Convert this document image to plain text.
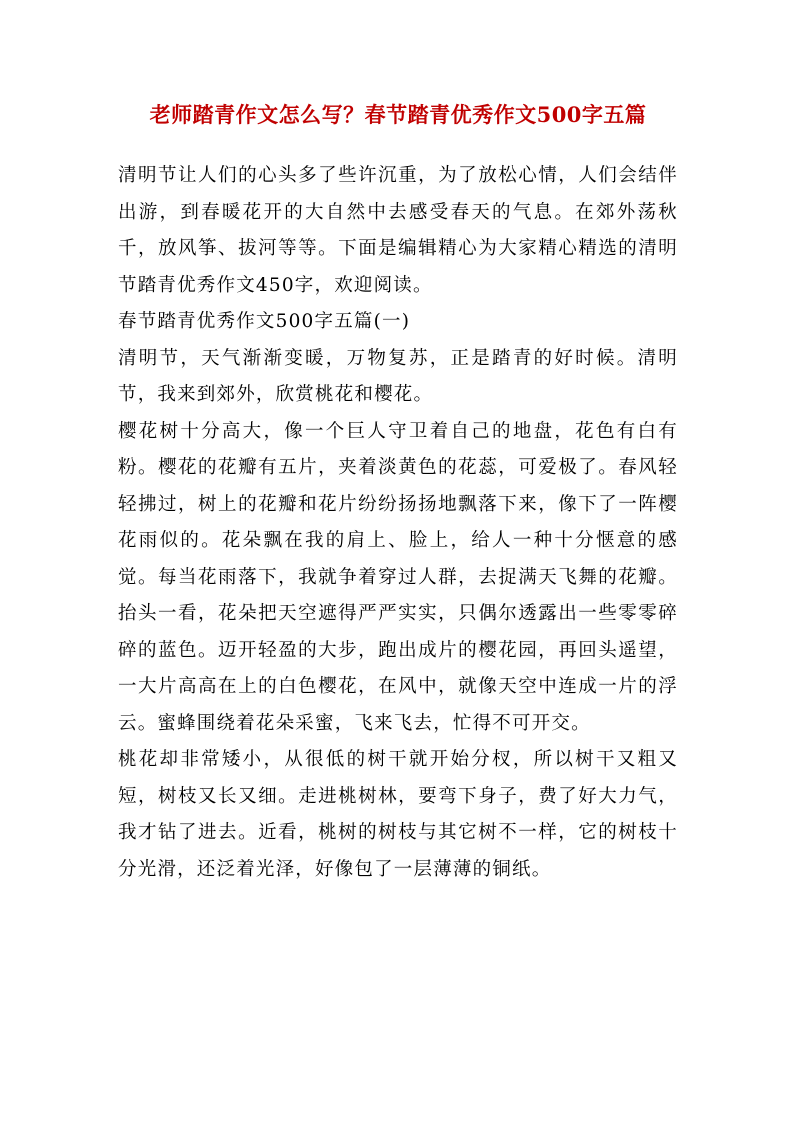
老师踏青作文怎么写？春节踏青优秀作文500字五篇

清明节让人们的心头多了些许沉重，为了放松心情，人们会结伴出游，到春暖花开的大自然中去感受春天的气息。在郊外荡秋千，放风筝、拔河等等。下面是编辑精心为大家精心精选的清明节踏青优秀作文450字，欢迎阅读。

春节踏青优秀作文500字五篇(一)

清明节，天气渐渐变暖，万物复苏，正是踏青的好时候。清明节，我来到郊外，欣赏桃花和樱花。

樱花树十分高大，像一个巨人守卫着自己的地盘，花色有白有粉。樱花的花瓣有五片，夹着淡黄色的花蕊，可爱极了。春风轻轻拂过，树上的花瓣和花片纷纷扬扬地飘落下来，像下了一阵樱花雨似的。花朵飘在我的肩上、脸上，给人一种十分惬意的感觉。每当花雨落下，我就争着穿过人群，去捉满天飞舞的花瓣。抬头一看，花朵把天空遮得严严实实，只偶尔透露出一些零零碎碎的蓝色。迈开轻盈的大步，跑出成片的樱花园，再回头遥望，一大片高高在上的白色樱花，在风中，就像天空中连成一片的浮云。蜜蜂围绕着花朵采蜜，飞来飞去，忙得不可开交。

桃花却非常矮小，从很低的树干就开始分杈，所以树干又粗又短，树枝又长又细。走进桃树林，要弯下身子，费了好大力气，我才钻了进去。近看，桃树的树枝与其它树不一样，它的树枝十分光滑，还泛着光泽，好像包了一层薄薄的铜纸。
